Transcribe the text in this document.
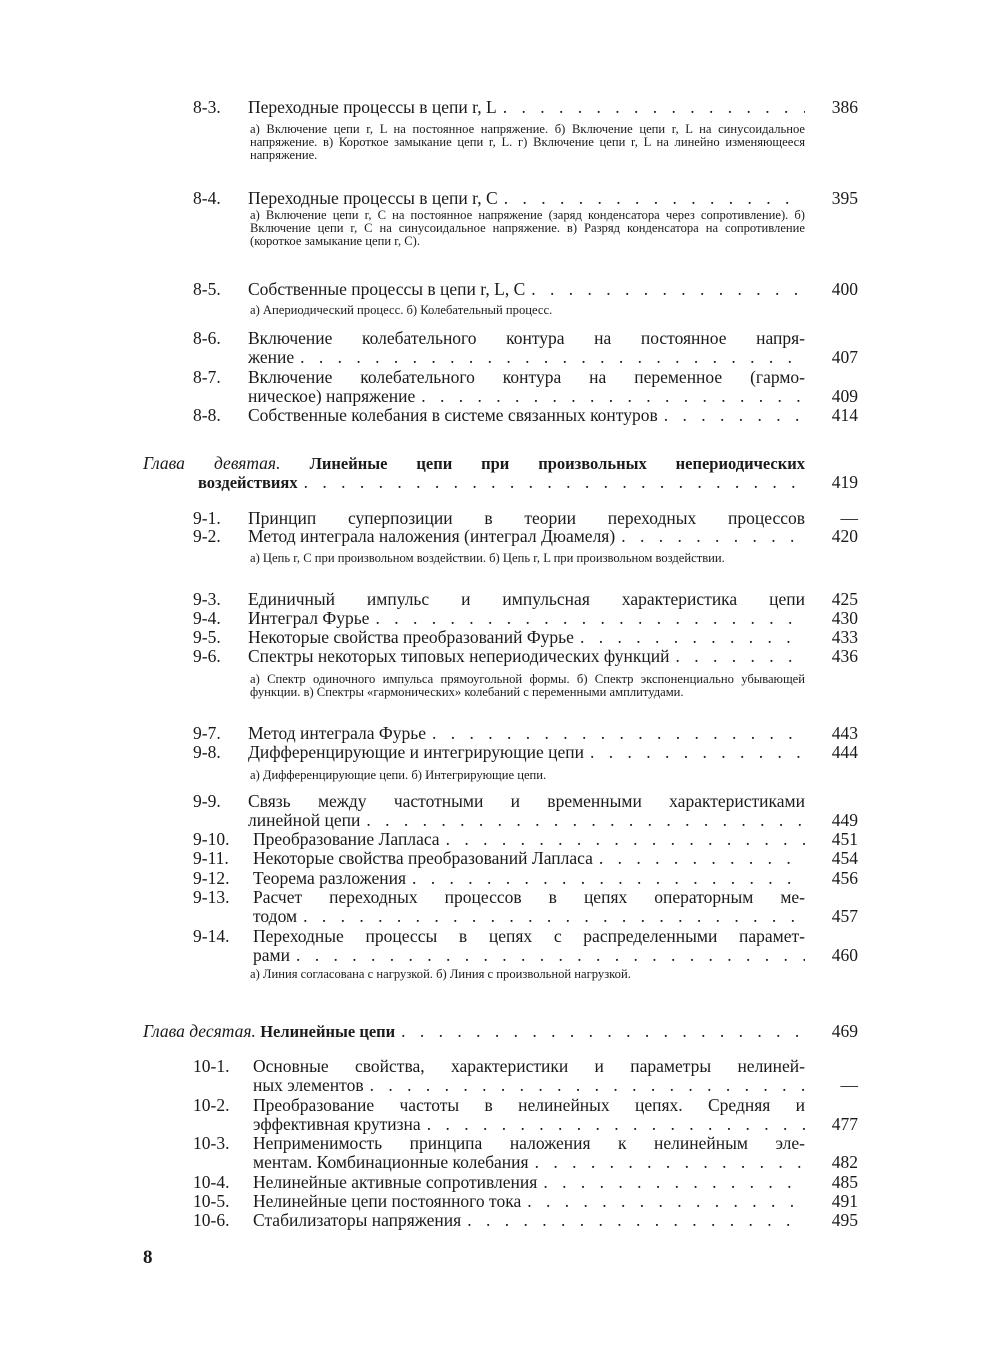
8-3. Переходные процессы в цепи r, L . . .	386
а) Включение цепи r, L на постоянное напряжение. б) Включение цепи r, L на синусоидальное напряжение. в) Короткое замыкание цепи r, L. г) Включение цепи r, L на линейно изменяющееся напряжение.
8-4. Переходные процессы в цепи r, C . . .	395
а) Включение цепи r, C на постоянное напряжение (заряд конденсатора через сопротивление). б) Включение цепи r, C на синусоидальное напряжение. в) Разряд конденсатора на сопротивление (короткое замыкание цепи r, C).
8-5. Собственные процессы в цепи r, L, C . . .	400
а) Апериодический процесс. б) Колебательный процесс.
8-6. Включение колебательного контура на постоянное напря-
жение . . .	407
8-7. Включение колебательного контура на переменное (гармо-
ническое) напряжение . . .	409
8-8. Собственные колебания в системе связанных контуров . . .	414
Глава девятая. Линейные цепи при произвольных непериодических
воздействиях . . .	419
9-1. Принцип суперпозиции в теории переходных процессов	—
9-2. Метод интеграла наложения (интеграл Дюамеля) . . .	420
а) Цепь r, C при произвольном воздействии. б) Цепь r, L при произвольном воздействии.
9-3. Единичный импульс и импульсная характеристика цепи	425
9-4. Интеграл Фурье . . .	430
9-5. Некоторые свойства преобразований Фурье . . .	433
9-6. Спектры некоторых типовых непериодических функций . . .	436
а) Спектр одиночного импульса прямоугольной формы. б) Спектр экспоненциально убывающей функции. в) Спектры «гармонических» колебаний с переменными амплитудами.
9-7. Метод интеграла Фурье . . .	443
9-8. Дифференцирующие и интегрирующие цепи . . .	444
а) Дифференцирующие цепи. б) Интегрирующие цепи.
9-9. Связь между частотными и временными характеристиками
линейной цепи . . .	449
9-10. Преобразование Лапласа . . .	451
9-11. Некоторые свойства преобразований Лапласа . . .	454
9-12. Теорема разложения . . .	456
9-13. Расчет переходных процессов в цепях операторным ме-
тодом . . .	457
9-14. Переходные процессы в цепях с распределенными парамет-
рами . . .	460
а) Линия согласована с нагрузкой. б) Линия с произвольной нагрузкой.
Глава десятая.
Нелинейные цепи . . .	469
10-1. Основные свойства, характеристики и параметры нелиней-
ных элементов . . .	—
10-2. Преобразование частоты в нелинейных цепях. Средняя и
эффективная крутизна . . .	477
10-3. Неприменимость принципа наложения к нелинейным эле-
ментам. Комбинационные колебания . . .	482
10-4. Нелинейные активные сопротивления . . .	485
10-5. Нелинейные цепи постоянного тока . . .	491
10-6. Стабилизаторы напряжения . . .	495
8
